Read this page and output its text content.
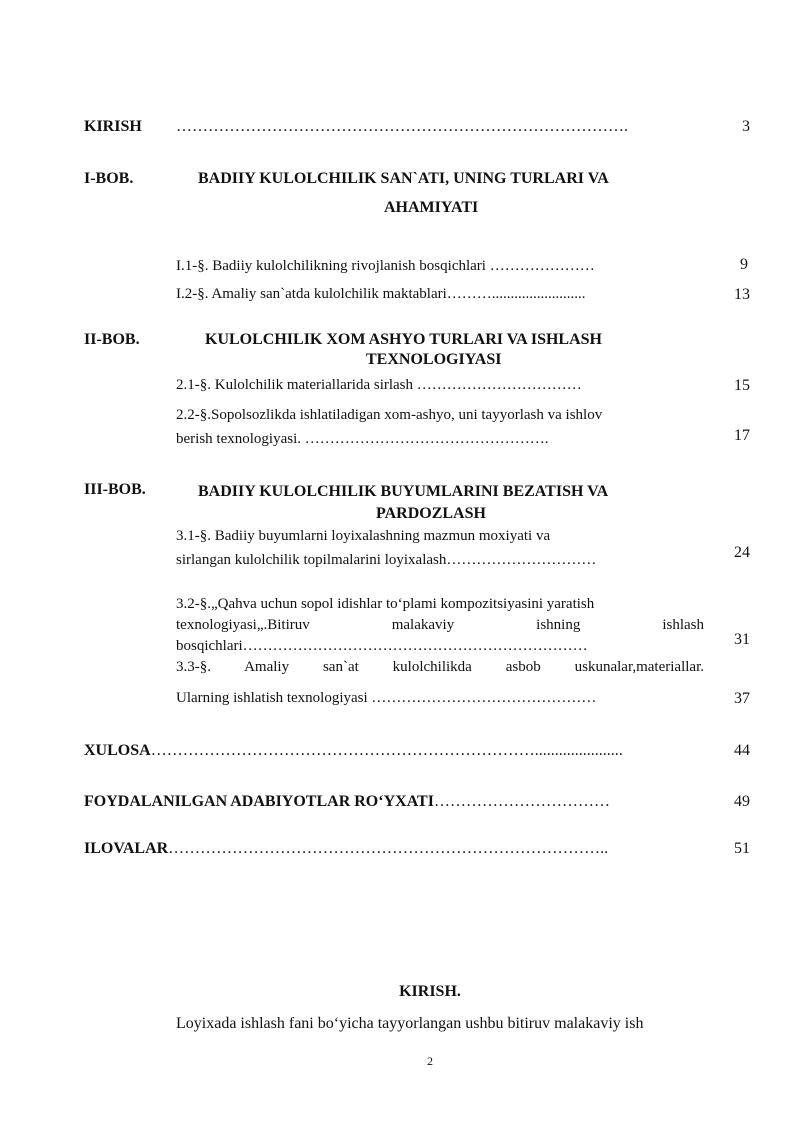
KIRISH ………………………………………………………………………….	3
I-BOB.	BADIIY KULOLCHILIK SAN`ATI, UNING TURLARI VA
AHAMIYATI
I.1-§. Badiiy kulolchilikning rivojlanish bosqichlari …………………	9
I.2-§. Amaliy san`atda kulolchilik maktablari……….........................	13
II-BOB.	KULOLCHILIK XOM ASHYO TURLARI VA ISHLASH
TEXNOLOGIYASI
2.1-§. Kulolchilik materiallarida sirlash ……………………………	15
2.2-§.Sopolsozlikda ishlatiladigan xom-ashyo, uni tayyorlash va ishlov
berish texnologiyasi. ………………………………………….	17
III-BOB.	BADIIY KULOLCHILIK BUYUMLARINI BEZATISH VA
PARDOZLASH
3.1-§. Badiiy buyumlarni loyixalashning mazmun moxiyati va
sirlangan kulolchilik topilmalarini loyixalash…………………………	24
3.2-§.„Qahva uchun sopol idishlar to‘plami kompozitsiyasini yaratish
texnologiyasi„.Bitiruv malakaviy ishning ishlash
bosqichlari……………………………………………………………	31
3.3-§. Amaliy san`at kulolchilikda asbob uskunalar,materiallar.
Ularning ishlatish texnologiyasi ………………………………………	37
XULOSA………………………………………………………………......................	44
FOYDALANILGAN ADABIYOTLAR RO‘YXATI……………………………	49
ILOVALAR………………………………………………………………………..	51
KIRISH.
Loyixada ishlash fani bo‘yicha tayyorlangan ushbu bitiruv malakaviy ish
2
